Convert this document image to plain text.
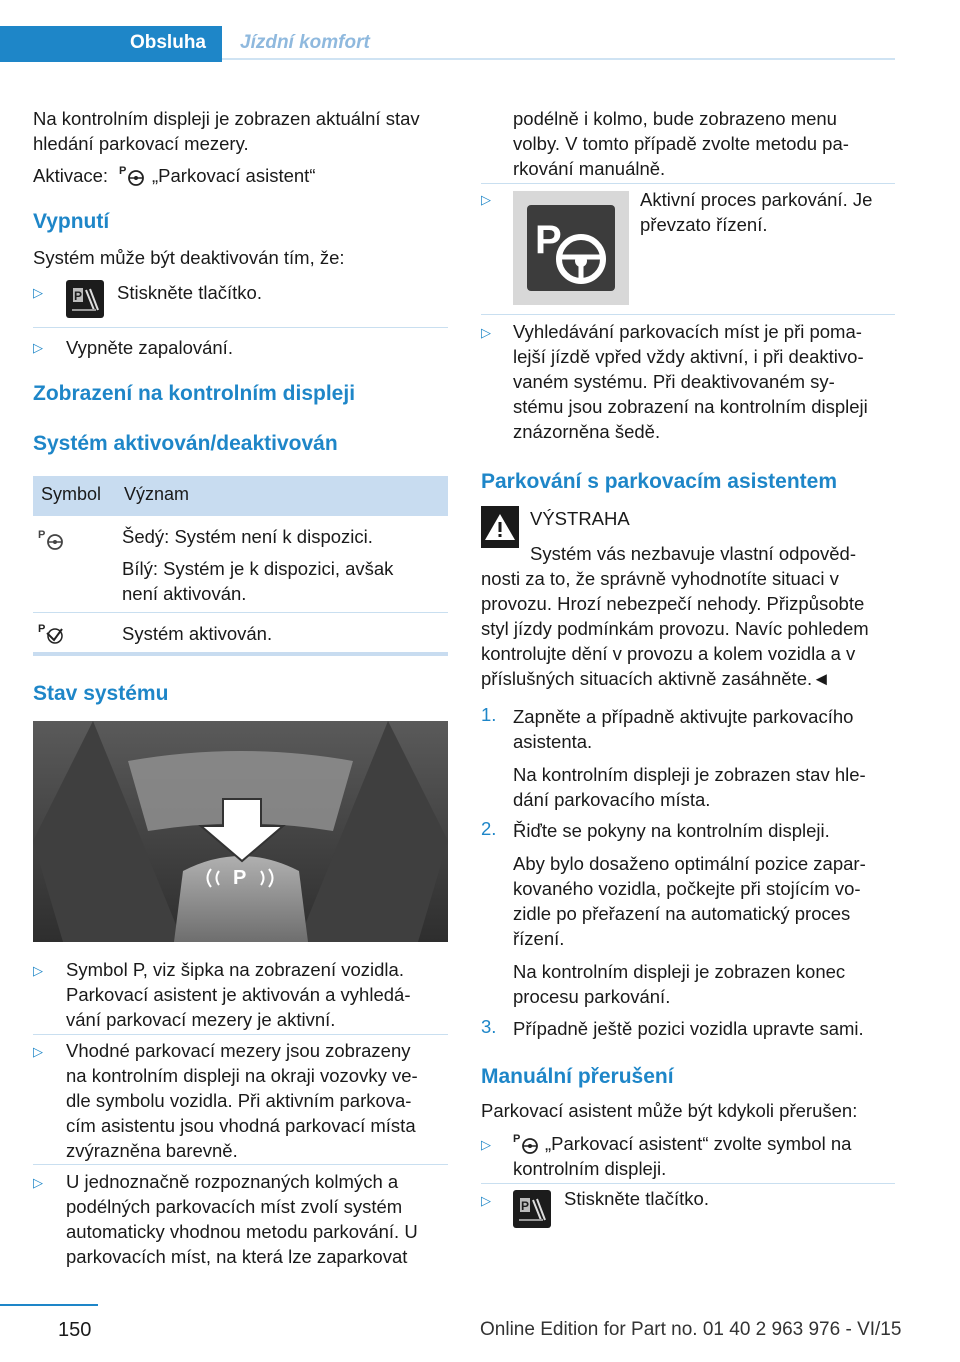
Obsluha Jízdní komfort

Na kontrolním displeji je zobrazen aktuální stav

hledání parkovací mezery.

Aktivace: P „Parkovací asistent“

Vypnutí

Systém může být deaktivován tím, že:

▷	P Stiskněte tlačítko.
▷ Vypněte zapalování.
Zobrazení na kontrolním displeji
Systém aktivován/deaktivován
Symbol Význam
P	Šedý: Systém není k dispozici.
Bílý: Systém je k dispozici, avšak
není aktivován.
P	Systém aktivován.
Stav systému
P
▷ Symbol P, viz šipka na zobrazení vozidla.
Parkovací asistent je aktivován a vyhledá-
vání parkovací mezery je aktivní.
▷ Vhodné parkovací mezery jsou zobrazeny
na kontrolním displeji na okraji vozovky ve-
dle symbolu vozidla. Při aktivním parkova-
cím asistentu jsou vhodná parkovací místa
zvýrazněna barevně.
▷ U jednoznačně rozpoznaných kolmých a
podélných parkovacích míst zvolí systém
automaticky vhodnou metodu parkování. U
parkovacích míst, na která lze zaparkovat
podélně i kolmo, bude zobrazeno menu
volby. V tomto případě zvolte metodu pa-
rkování manuálně.
▷
P
Aktivní proces parkování. Je
převzato řízení.
▷ Vyhledávání parkovacích míst je při poma-
lejší jízdě vpřed vždy aktivní, i při deaktivo-
vaném systému. Při deaktivovaném sy-
stému jsou zobrazení na kontrolním displeji
znázorněna šedě.
Parkování s parkovacím asistentem
VÝSTRAHA
Systém vás nezbavuje vlastní odpověd-
nosti za to, že správně vyhodnotíte situaci v
provozu. Hrozí nebezpečí nehody. Přizpůsobte
styl jízdy podmínkám provozu. Navíc pohledem
kontrolujte dění v provozu a kolem vozidla a v
příslušných situacích aktivně zasáhněte.◄
1. Zapněte a případně aktivujte parkovacího
asistenta.
Na kontrolním displeji je zobrazen stav hle-
dání parkovacího místa.
2. Řiďte se pokyny na kontrolním displeji.
Aby bylo dosaženo optimální pozice zapar-
kovaného vozidla, počkejte při stojícím vo-
zidle po přeřazení na automatický proces
řízení.
Na kontrolním displeji je zobrazen konec
procesu parkování.
3. Případně ještě pozici vozidla upravte sami.
Manuální přerušení
Parkovací asistent může být kdykoli přerušen:
▷ P „Parkovací asistent“ zvolte symbol na
kontrolním displeji.
▷	P Stiskněte tlačítko.
150	Online Edition for Part no. 01 40 2 963 976 - VI/15
